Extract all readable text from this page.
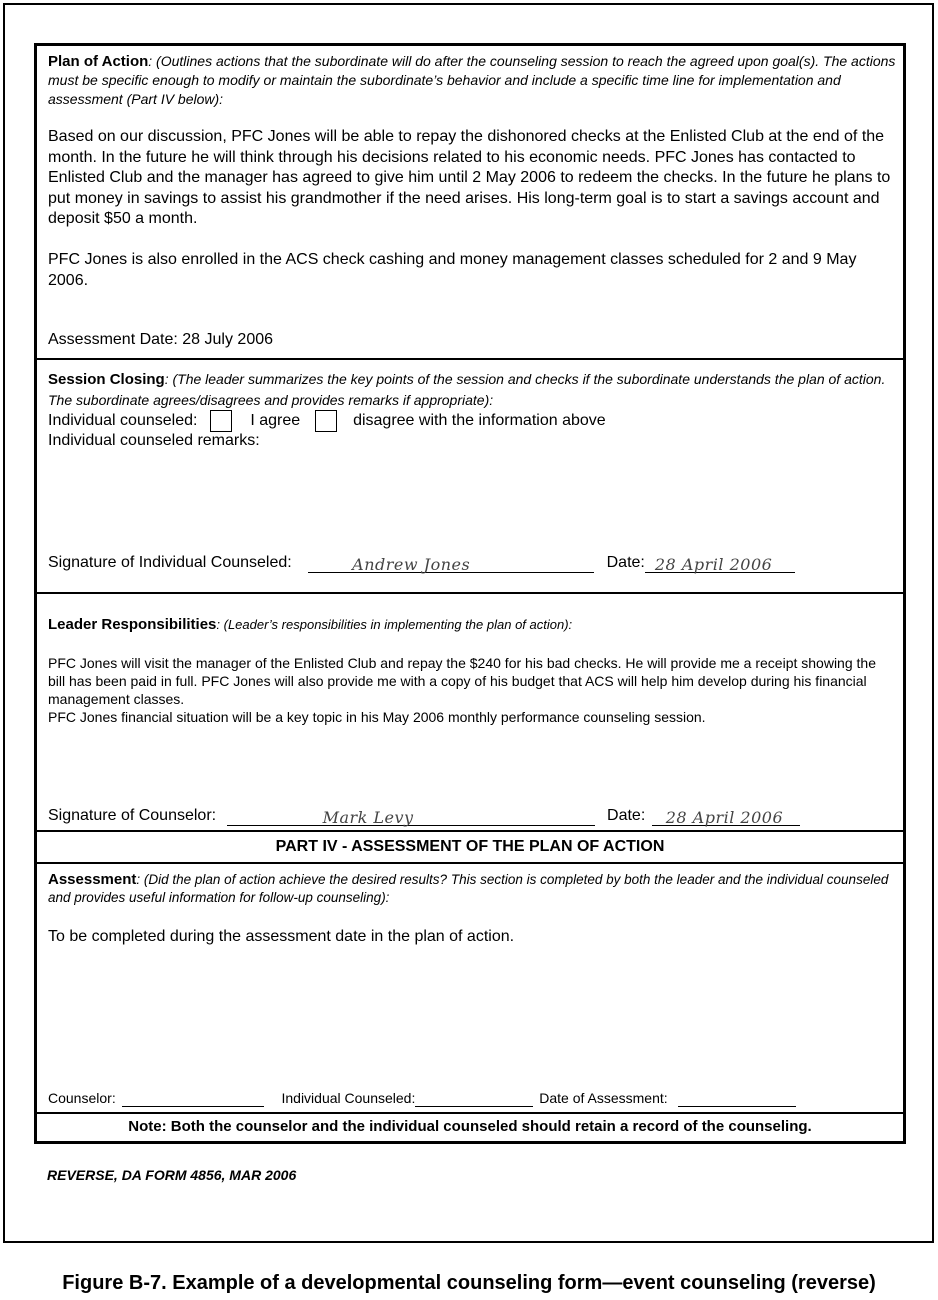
Plan of Action: (Outlines actions that the subordinate will do after the counseling session to reach the agreed upon goal(s). The actions must be specific enough to modify or maintain the subordinate’s behavior and include a specific time line for implementation and assessment (Part IV below):

Based on our discussion, PFC Jones will be able to repay the dishonored checks at the Enlisted Club at the end of the month. In the future he will think through his decisions related to his economic needs. PFC Jones has contacted to Enlisted Club and the manager has agreed to give him until 2 May 2006 to redeem the checks. In the future he plans to put money in savings to assist his grandmother if the need arises. His long-term goal is to start a savings account and deposit $50 a month.

PFC Jones is also enrolled in the ACS check cashing and money management classes scheduled for 2 and 9 May 2006.

Assessment Date: 28 July 2006

Session Closing: (The leader summarizes the key points of the session and checks if the subordinate understands the plan of action. The subordinate agrees/disagrees and provides remarks if appropriate):

Individual counseled:	I agree	disagree with the information above

Individual counseled remarks:

Signature of Individual Counseled:	Andrew Jones	Date: 28 April 2006

Leader Responsibilities: (Leader’s responsibilities in implementing the plan of action):

PFC Jones will visit the manager of the Enlisted Club and repay the $240 for his bad checks. He will provide me a receipt showing the bill has been paid in full. PFC Jones will also provide me with a copy of his budget that ACS will help him develop during his financial management classes.

PFC Jones financial situation will be a key topic in his May 2006 monthly performance counseling session.

Signature of Counselor:	Mark Levy	Date: 28 April 2006

PART IV - ASSESSMENT OF THE PLAN OF ACTION

Assessment: (Did the plan of action achieve the desired results? This section is completed by both the leader and the individual counseled and provides useful information for follow-up counseling):

To be completed during the assessment date in the plan of action.

Counselor:	Individual Counseled:	Date of Assessment:
Note: Both the counselor and the individual counseled should retain a record of the counseling.
REVERSE, DA FORM 4856, MAR 2006
Figure B-7. Example of a developmental counseling form—event counseling (reverse)
